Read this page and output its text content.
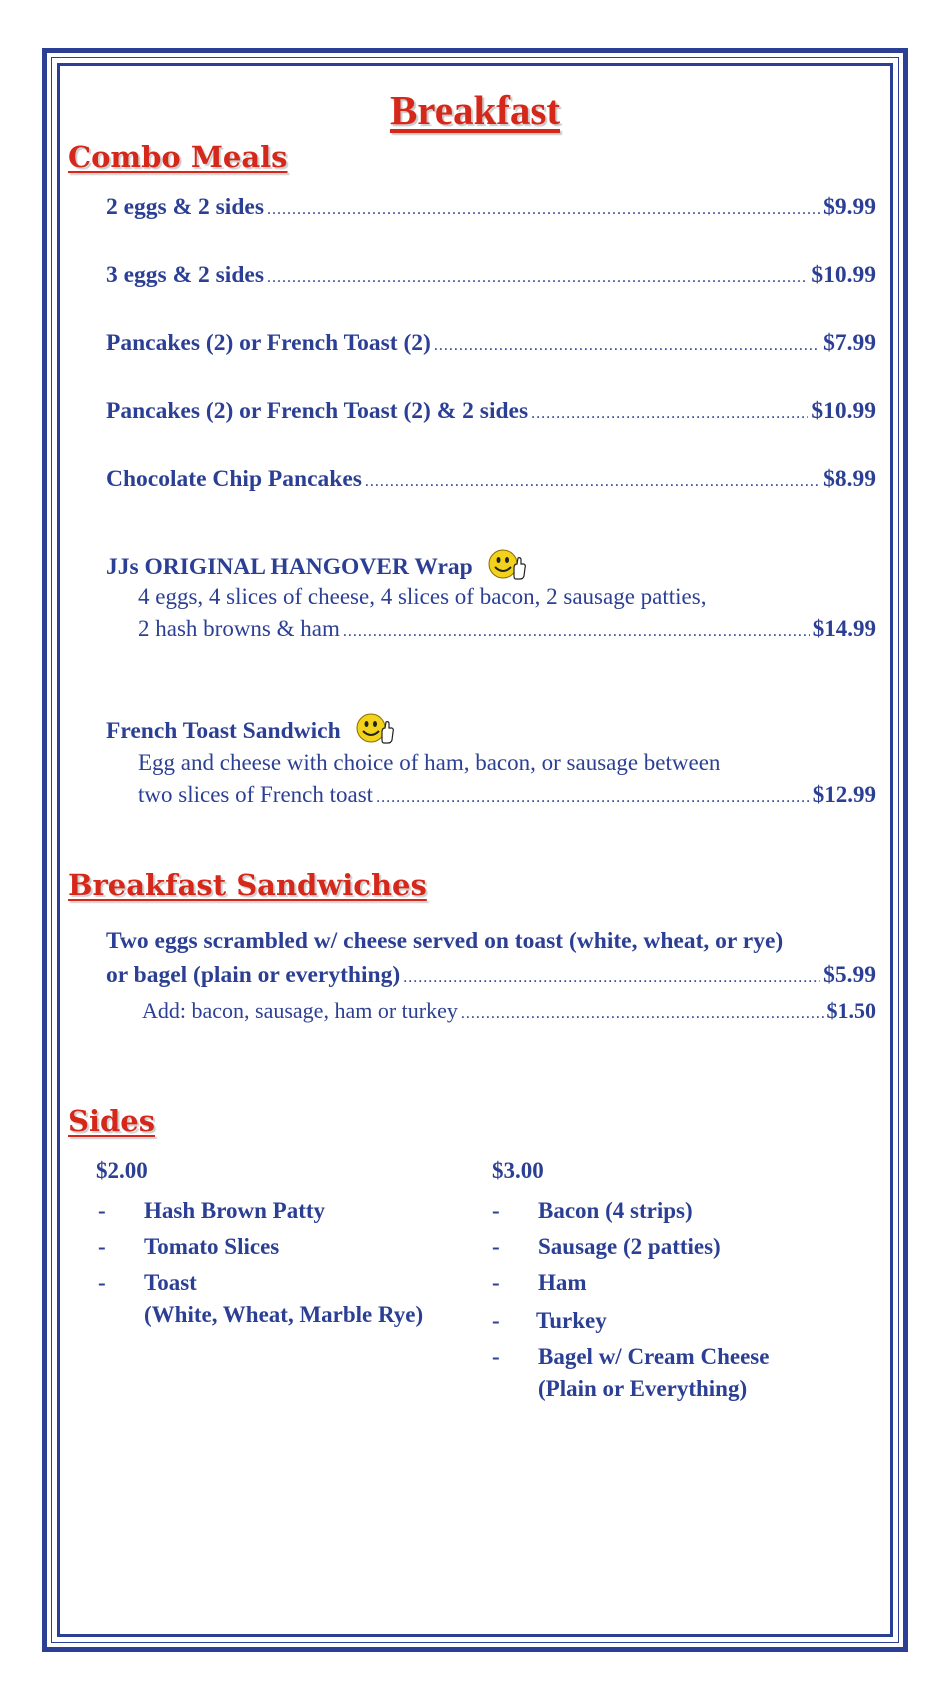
Breakfast
Combo Meals
2 eggs & 2 sides .....	$9.99
3 eggs & 2 sides .....	$10.99
Pancakes (2) or French Toast (2) .....	$7.99
Pancakes (2) or French Toast (2) & 2 sides .....	$10.99
Chocolate Chip Pancakes .....	$8.99
JJs ORIGINAL HANGOVER Wrap
4 eggs, 4 slices of cheese, 4 slices of bacon, 2 sausage patties,
2 hash browns & ham .....	$14.99
French Toast Sandwich
Egg and cheese with choice of ham, bacon, or sausage between
two slices of French toast .....	$12.99
Breakfast Sandwiches
Two eggs scrambled w/ cheese served on toast (white, wheat, or rye)
or bagel (plain or everything) .....	$5.99
Add: bacon, sausage, ham or turkey .....	$1.50
Sides
$2.00	$3.00
- Hash Brown Patty
- Tomato Slices
- Toast
(White, Wheat, Marble Rye)
- Bacon (4 strips)
- Sausage (2 patties)
- Ham
- Turkey
- Bagel w/ Cream Cheese
(Plain or Everything)
